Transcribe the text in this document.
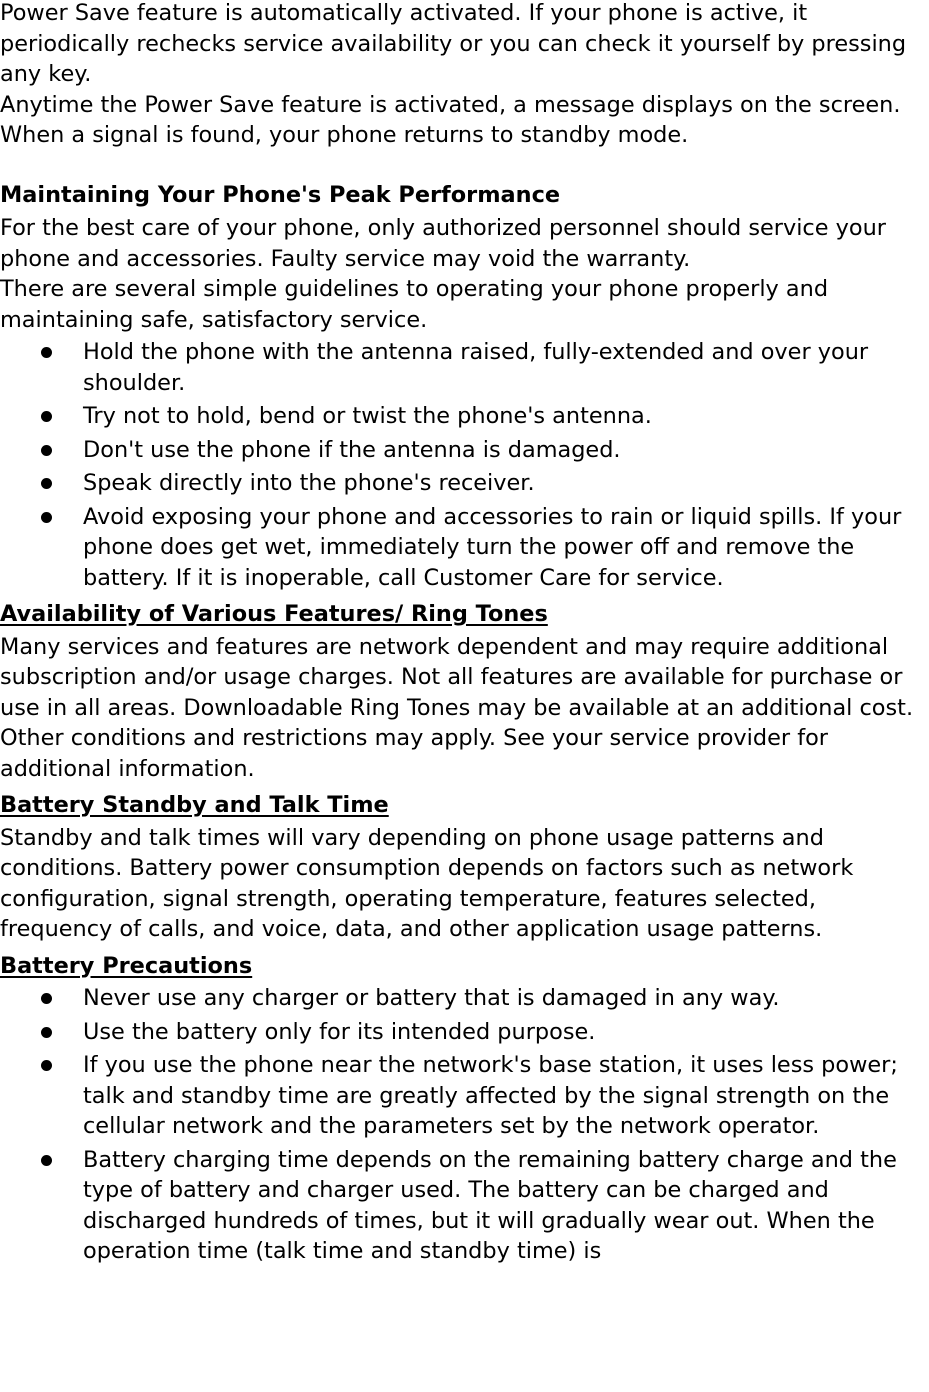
Power Save feature is automatically activated. If your phone is active, it periodically rechecks service availability or you can check it yourself by pressing any key.

Anytime the Power Save feature is activated, a message displays on the screen. When a signal is found, your phone returns to standby mode.

Maintaining Your Phone's Peak Performance

For the best care of your phone, only authorized personnel should service your phone and accessories. Faulty service may void the warranty.

There are several simple guidelines to operating your phone properly and maintaining safe, satisfactory service.

Hold the phone with the antenna raised, fully-extended and over your shoulder.
Try not to hold, bend or twist the phone's antenna.
Don't use the phone if the antenna is damaged.
Speak directly into the phone's receiver.
Avoid exposing your phone and accessories to rain or liquid spills. If your phone does get wet, immediately turn the power off and remove the battery. If it is inoperable, call Customer Care for service.

Availability of Various Features/ Ring Tones

Many services and features are network dependent and may require additional subscription and/or usage charges. Not all features are available for purchase or use in all areas. Downloadable Ring Tones may be available at an additional cost. Other conditions and restrictions may apply. See your service provider for additional information.

Battery Standby and Talk Time

Standby and talk times will vary depending on phone usage patterns and conditions. Battery power consumption depends on factors such as network configuration, signal strength, operating temperature, features selected, frequency of calls, and voice, data, and other application usage patterns.

Battery Precautions

Never use any charger or battery that is damaged in any way.
Use the battery only for its intended purpose.
If you use the phone near the network's base station, it uses less power; talk and standby time are greatly affected by the signal strength on the cellular network and the parameters set by the network operator.
Battery charging time depends on the remaining battery charge and the type of battery and charger used. The battery can be charged and discharged hundreds of times, but it will gradually wear out. When the operation time (talk time and standby time) is
